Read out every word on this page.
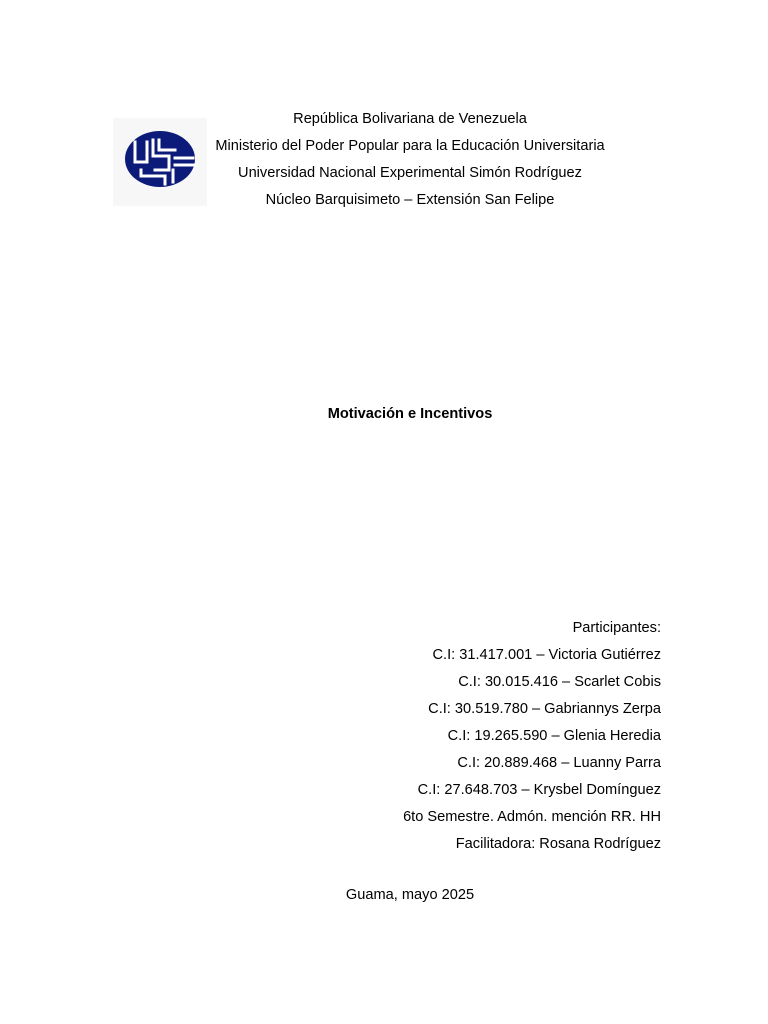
República Bolivariana de Venezuela
Ministerio del Poder Popular para la Educación Universitaria
Universidad Nacional Experimental Simón Rodríguez
Núcleo Barquisimeto – Extensión San Felipe
Motivación e Incentivos
Participantes:
C.I: 31.417.001 – Victoria Gutiérrez
C.I: 30.015.416 – Scarlet Cobis
C.I: 30.519.780 – Gabriannys Zerpa
C.I: 19.265.590 – Glenia Heredia
C.I: 20.889.468 – Luanny Parra
C.I: 27.648.703 – Krysbel Domínguez
6to Semestre. Admón. mención RR. HH
Facilitadora: Rosana Rodríguez
Guama, mayo 2025
